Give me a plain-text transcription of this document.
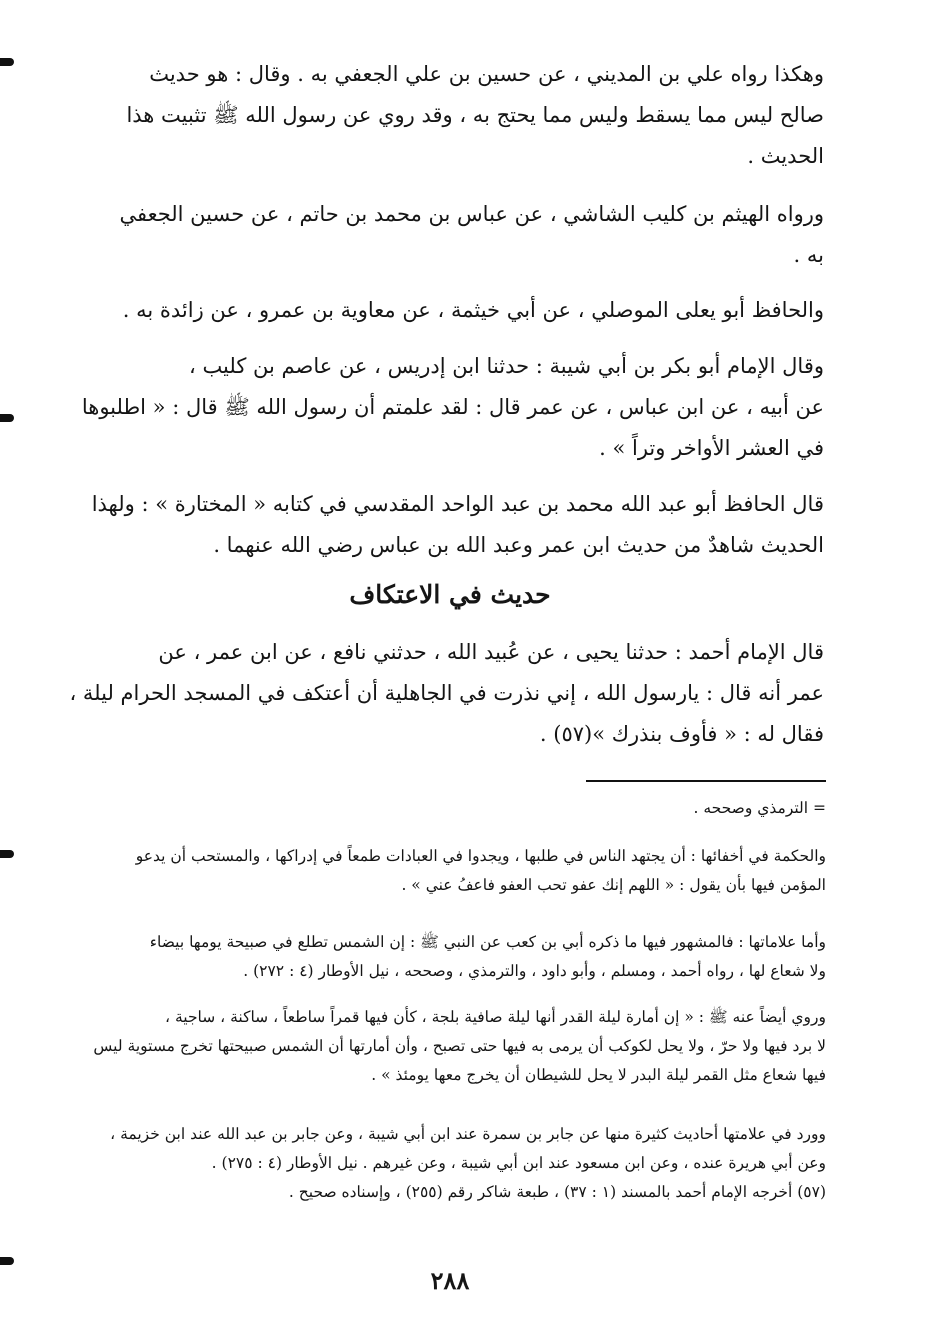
وهكذا رواه علي بن المديني ، عن حسين بن علي الجعفي به . وقال : هو حديث
صالح ليس مما يسقط وليس مما يحتج به ، وقد روي عن رسول الله ﷺ تثبيت هذا
الحديث .
ورواه الهيثم بن كليب الشاشي ، عن عباس بن محمد بن حاتم ، عن حسين الجعفي
به .
والحافظ أبو يعلى الموصلي ، عن أبي خيثمة ، عن معاوية بن عمرو ، عن زائدة به .
وقال الإمام أبو بكر بن أبي شيبة : حدثنا ابن إدريس ، عن عاصم بن كليب ،
عن أبيه ، عن ابن عباس ، عن عمر قال : لقد علمتم أن رسول الله ﷺ قال : « اطلبوها
في العشر الأواخر وتراً » .
قال الحافظ أبو عبد الله محمد بن عبد الواحد المقدسي في كتابه « المختارة » : ولهذا
الحديث شاهدٌ من حديث ابن عمر وعبد الله بن عباس رضي الله عنهما .
حديث في الاعتكاف
قال الإمام أحمد : حدثنا يحيى ، عن عُبيد الله ، حدثني نافع ، عن ابن عمر ، عن
عمر أنه قال : يارسول الله ، إني نذرت في الجاهلية أن أعتكف في المسجد الحرام ليلة ،
فقال له : « فأوف بنذرك »(٥٧) .
= الترمذي وصححه .
والحكمة في أخفائها : أن يجتهد الناس في طلبها ، ويجدوا في العبادات طمعاً في إدراكها ، والمستحب أن يدعو
المؤمن فيها بأن يقول : « اللهم إنك عفو تحب العفو فاعفُ عني » .
وأما علاماتها : فالمشهور فيها ما ذكره أبي بن كعب عن النبي ﷺ : إن الشمس تطلع في صبيحة يومها بيضاء
ولا شعاع لها ، رواه أحمد ، ومسلم ، وأبو داود ، والترمذي ، وصححه ، نيل الأوطار (٤ : ٢٧٢) .
وروي أيضاً عنه ﷺ : « إن أمارة ليلة القدر أنها ليلة صافية بلجة ، كأن فيها قمراً ساطعاً ، ساكنة ، ساجية ،
لا برد فيها ولا حرّ ، ولا يحل لكوكب أن يرمى به فيها حتى تصبح ، وأن أمارتها أن الشمس صبيحتها تخرج مستوية ليس
فيها شعاع مثل القمر ليلة البدر لا يحل للشيطان أن يخرج معها يومئذ » .
وورد في علامتها أحاديث كثيرة منها عن جابر بن سمرة عند ابن أبي شيبة ، وعن جابر بن عبد الله عند ابن خزيمة ،
وعن أبي هريرة عنده ، وعن ابن مسعود عند ابن أبي شيبة ، وعن غيرهم . نيل الأوطار (٤ : ٢٧٥) .
(٥٧) أخرجه الإمام أحمد بالمسند (١ : ٣٧) ، طبعة شاكر رقم (٢٥٥) ، وإسناده صحيح .
٢٨٨
